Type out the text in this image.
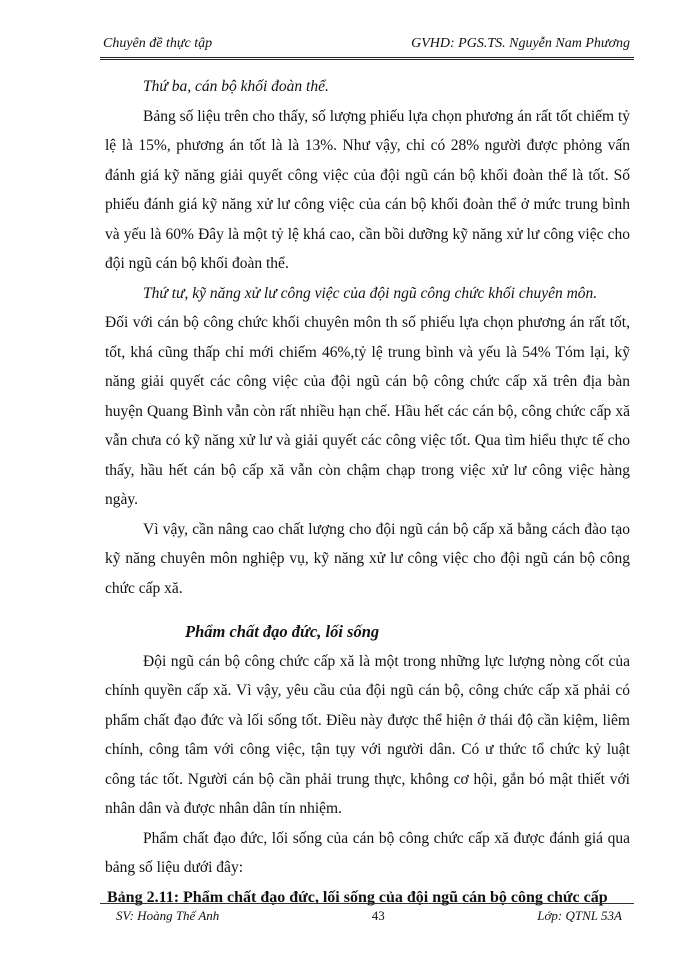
Chuyên đề thực tập	GVHD: PGS.TS. Nguyễn Nam Phương

Thứ ba, cán bộ khối đoàn thể.

Bảng số liệu trên cho thấy, số lượng phiếu lựa chọn phương án rất tốt chiếm tỷ lệ là 15%, phương án tốt là là 13%. Như vậy, chỉ có 28% người được phỏng vấn đánh giá kỹ năng giải quyết công việc của đội ngũ cán bộ khối đoàn thể là tốt. Số phiếu đánh giá kỹ năng xử lư công việc của cán bộ khối đoàn thể ở mức trung bình và yếu là 60% Đây là một tỷ lệ khá cao, cần bồi dưỡng kỹ năng xử lư công việc cho đội ngũ cán bộ khối đoàn thể.

Thứ tư, kỹ năng xử lư công việc của đội ngũ công chức khối chuyên môn.

Đối với cán bộ công chức khối chuyên môn th số phiếu lựa chọn phương án rất tốt, tốt, khá cũng thấp chỉ mới chiếm 46%,tỷ lệ trung bình và yếu là 54% Tóm lại, kỹ năng giải quyết các công việc của đội ngũ cán bộ công chức cấp xă trên địa bàn huyện Quang Bình vẫn còn rất nhiều hạn chế. Hầu hết các cán bộ, công chức cấp xă vẫn chưa có kỹ năng xử lư và giải quyết các công việc tốt. Qua tìm hiểu thực tế cho thấy, hầu hết cán bộ cấp xă vẫn còn chậm chạp trong việc xử lư công việc hàng ngày.

Vì vậy, cần nâng cao chất lượng cho đội ngũ cán bộ cấp xă bằng cách đào tạo kỹ năng chuyên môn nghiệp vụ, kỹ năng xử lư công việc cho đội ngũ cán bộ công chức cấp xă.

Phẩm chất đạo đức, lối sống

Đội ngũ cán bộ công chức cấp xă là một trong những lực lượng nòng cốt của chính quyền cấp xă. Vì vậy, yêu cầu của đội ngũ cán bộ, công chức cấp xă phải có phẩm chất đạo đức và lối sống tốt. Điều này được thể hiện ở thái độ cần kiệm, liêm chính, công tâm với công việc, tận tụy với người dân. Có ư thức tổ chức kỷ luật công tác tốt. Người cán bộ cần phải trung thực, không cơ hội, gắn bó mật thiết với nhân dân và được nhân dân tín nhiệm.

Phẩm chất đạo đức, lối sống của cán bộ công chức cấp xă được đánh giá qua bảng số liệu dưới đây:

Bảng 2.11: Phẩm chất đạo đức, lối sống của đội ngũ cán bộ công chức cấp

SV: Hoàng Thế Anh	43	Lớp: QTNL 53A
